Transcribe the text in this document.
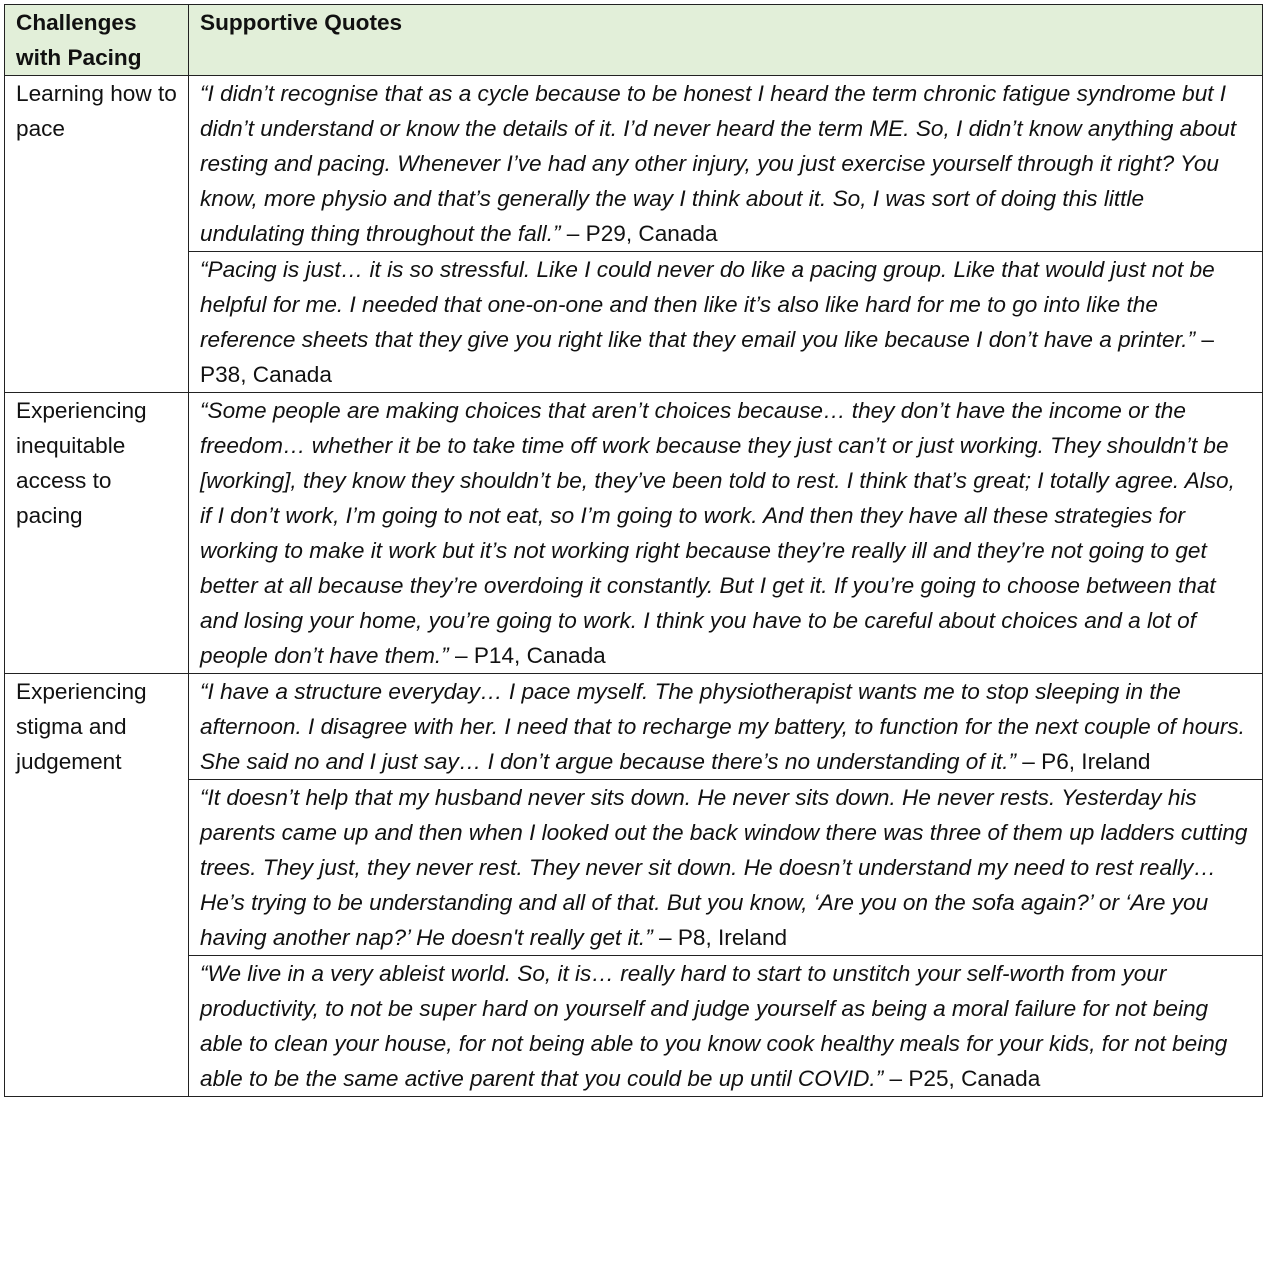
Challenges with Pacing	Supportive Quotes
Learning how to pace	“I didn’t recognise that as a cycle because to be honest I heard the term chronic fatigue syndrome but I didn’t understand or know the details of it. I’d never heard the term ME. So, I didn’t know anything about resting and pacing. Whenever I’ve had any other injury, you just exercise yourself through it right? You know, more physio and that’s generally the way I think about it. So, I was sort of doing this little undulating thing throughout the fall.” – P29, Canada
	“Pacing is just… it is so stressful. Like I could never do like a pacing group. Like that would just not be helpful for me. I needed that one-on-one and then like it’s also like hard for me to go into like the reference sheets that they give you right like that they email you like because I don’t have a printer.” – P38, Canada
Experiencing inequitable access to pacing	“Some people are making choices that aren’t choices because… they don’t have the income or the freedom… whether it be to take time off work because they just can’t or just working. They shouldn’t be [working], they know they shouldn’t be, they’ve been told to rest. I think that’s great; I totally agree. Also, if I don’t work, I’m going to not eat, so I’m going to work. And then they have all these strategies for working to make it work but it’s not working right because they’re really ill and they’re not going to get better at all because they’re overdoing it constantly. But I get it. If you’re going to choose between that and losing your home, you’re going to work. I think you have to be careful about choices and a lot of people don’t have them.” – P14, Canada
Experiencing stigma and judgement	“I have a structure everyday… I pace myself. The physiotherapist wants me to stop sleeping in the afternoon. I disagree with her. I need that to recharge my battery, to function for the next couple of hours. She said no and I just say… I don’t argue because there’s no understanding of it.” – P6, Ireland
	“It doesn’t help that my husband never sits down. He never sits down. He never rests. Yesterday his parents came up and then when I looked out the back window there was three of them up ladders cutting trees. They just, they never rest. They never sit down. He doesn’t understand my need to rest really… He’s trying to be understanding and all of that. But you know, ‘Are you on the sofa again?’ or ‘Are you having another nap?’ He doesn't really get it.” – P8, Ireland
	“We live in a very ableist world. So, it is… really hard to start to unstitch your self-worth from your productivity, to not be super hard on yourself and judge yourself as being a moral failure for not being able to clean your house, for not being able to you know cook healthy meals for your kids, for not being able to be the same active parent that you could be up until COVID.” – P25, Canada
